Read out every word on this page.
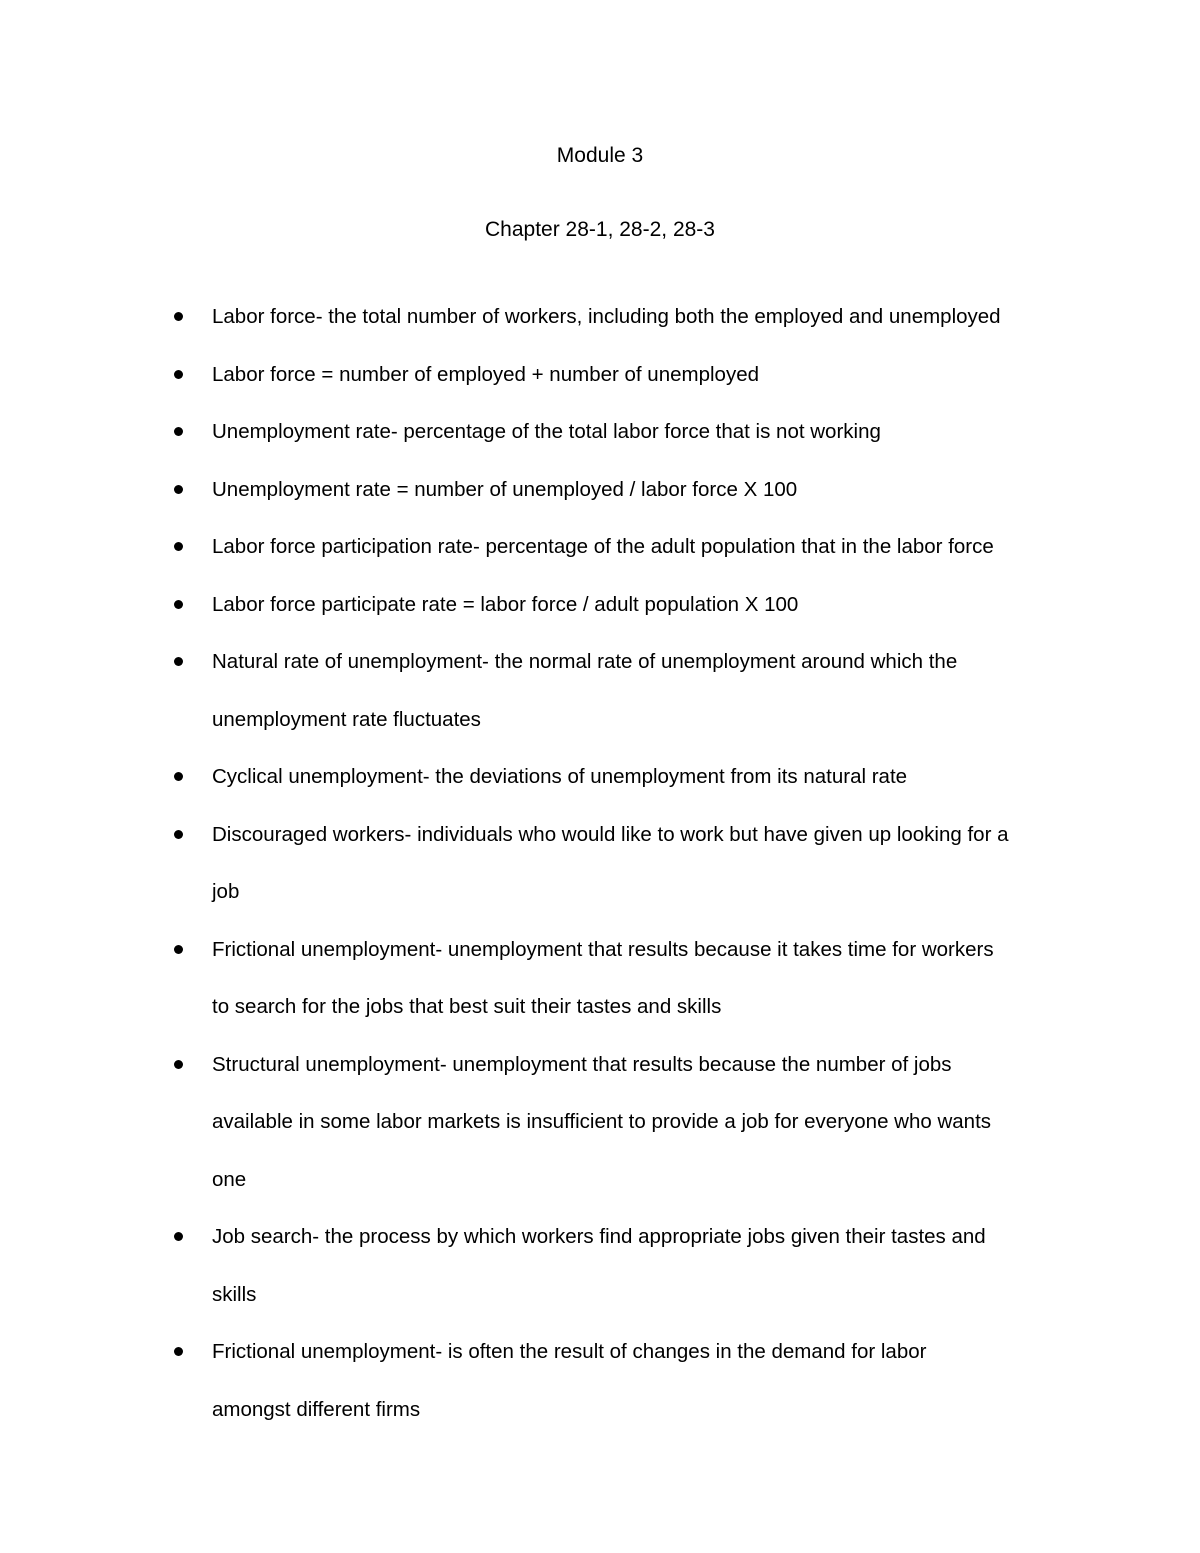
Module 3
Chapter 28-1, 28-2, 28-3
Labor force- the total number of workers, including both the employed and unemployed
Labor force = number of employed + number of unemployed
Unemployment rate- percentage of the total labor force that is not working
Unemployment rate = number of unemployed / labor force X 100
Labor force participation rate- percentage of the adult population that in the labor force
Labor force participate rate = labor force / adult population X 100
Natural rate of unemployment- the normal rate of unemployment around which the
unemployment rate fluctuates
Cyclical unemployment- the deviations of unemployment from its natural rate
Discouraged workers- individuals who would like to work but have given up looking for a
job
Frictional unemployment- unemployment that results because it takes time for workers
to search for the jobs that best suit their tastes and skills
Structural unemployment- unemployment that results because the number of jobs
available in some labor markets is insufficient to provide a job for everyone who wants
one
Job search- the process by which workers find appropriate jobs given their tastes and
skills
Frictional unemployment- is often the result of changes in the demand for labor
amongst different firms
